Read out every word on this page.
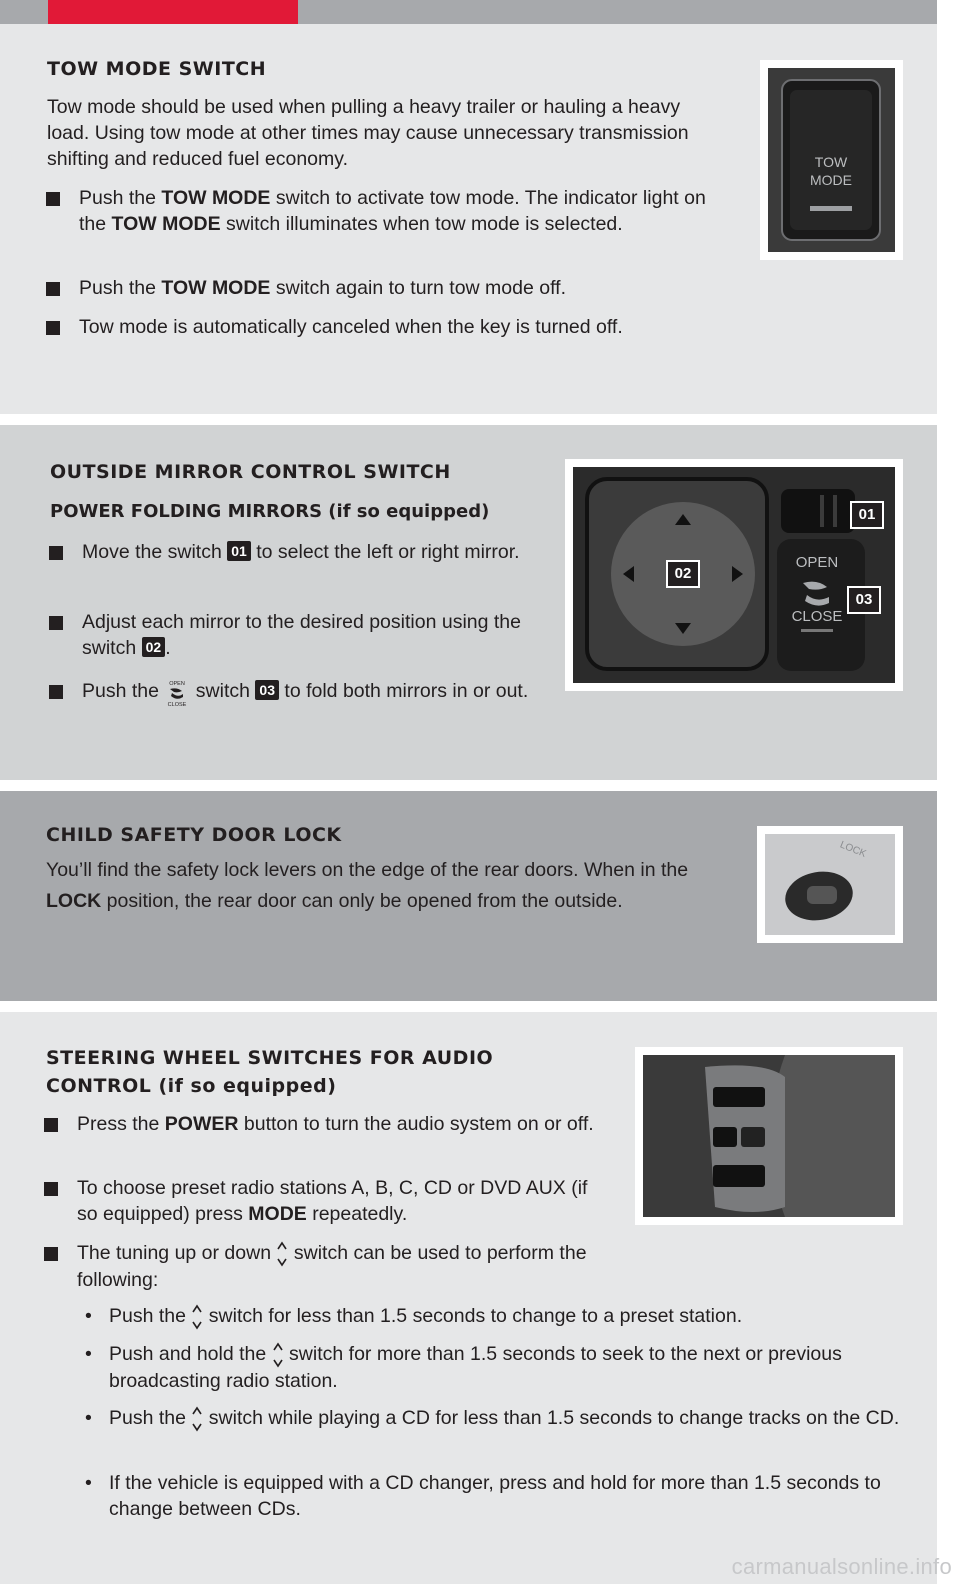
TOW MODE SWITCH
Tow mode should be used when pulling a heavy trailer or hauling a heavy load. Using tow mode at other times may cause unnecessary transmission shifting and reduced fuel economy.
Push the TOW MODE switch to activate tow mode. The indicator light on the TOW MODE switch illuminates when tow mode is selected.
Push the TOW MODE switch again to turn tow mode off.
Tow mode is automatically canceled when the key is turned off.
TOW
MODE
OUTSIDE MIRROR CONTROL SWITCH
POWER FOLDING MIRRORS (if so equipped)
Move the switch 01 to select the left or right mirror.
Adjust each mirror to the desired position using the switch 02 .
Push the OPEN
CLOSE
switch 03 to fold both mirrors in or out.
OPEN
CLOSE
01
02
03
CHILD SAFETY DOOR LOCK
You’ll find the safety lock levers on the edge of the rear doors. When in the LOCK position, the rear door can only be opened from the outside.
LOCK
STEERING WHEEL SWITCHES FOR AUDIO
CONTROL (if so equipped)
Press the POWER button to turn the audio system on or off.
To choose preset radio stations A, B, C, CD or DVD AUX (if so equipped) press MODE repeatedly.
The tuning up or down  switch can be used to perform the following:
• Push the  switch for less than 1.5 seconds to change to a preset station.
• Push and hold the  switch for more than 1.5 seconds to seek to the next or previous broadcasting radio station.
• Push the  switch while playing a CD for less than 1.5 seconds to change tracks on the CD.
• If the vehicle is equipped with a CD changer, press and hold for more than 1.5 seconds to change between CDs.
carmanualsonline.info
